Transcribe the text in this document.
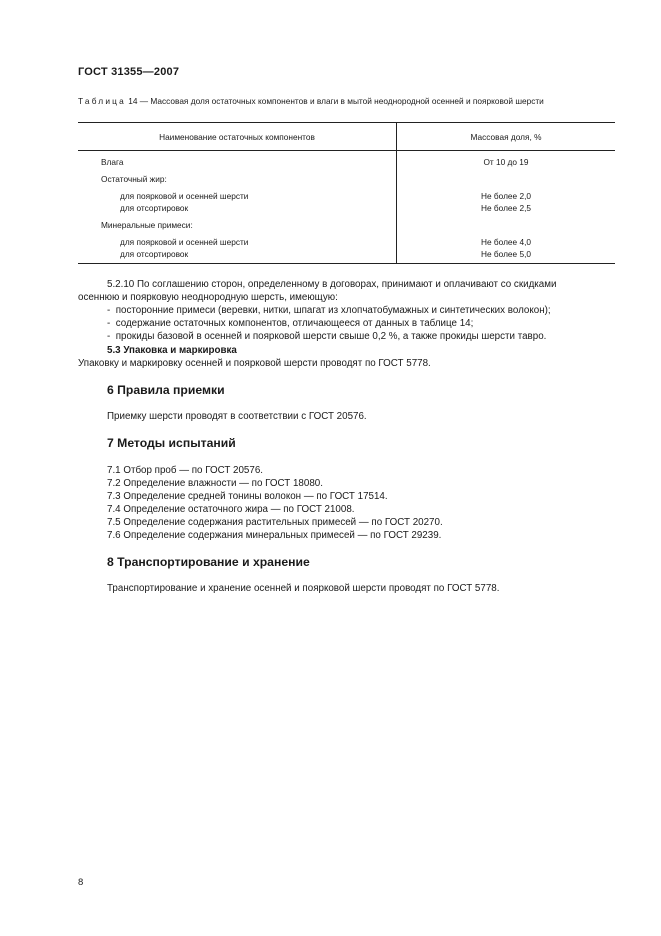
ГОСТ 31355—2007
Таблица 14 — Массовая доля остаточных компонентов и влаги в мытой неоднородной осенней и поярковой шерсти
Наименование остаточных компонентов	Массовая доля, %

Влага	От 10 до 19

Остаточный жир:	

для поярковой и осенней шерсти	Не более 2,0
для отсортировок	Не более 2,5

Минеральные примеси:	

для поярковой и осенней шерсти	Не более 4,0
для отсортировок	Не более 5,0
5.2.10 По соглашению сторон, определенному в договорах, принимают и оплачивают со скидками
осеннюю и поярковую неоднородную шерсть, имеющую:
- посторонние примеси (веревки, нитки, шпагат из хлопчатобумажных и синтетических волокон);
- содержание остаточных компонентов, отличающееся от данных в таблице 14;
- прокиды базовой в осенней и поярковой шерсти свыше 0,2 %, а также прокиды шерсти тавро.
5.3 Упаковка и маркировка
Упаковку и маркировку осенней и поярковой шерсти проводят по ГОСТ 5778.
6 Правила приемки
Приемку шерсти проводят в соответствии с ГОСТ 20576.
7 Методы испытаний
7.1 Отбор проб — по ГОСТ 20576.
7.2 Определение влажности — по ГОСТ 18080.
7.3 Определение средней тонины волокон — по ГОСТ 17514.
7.4 Определение остаточного жира — по ГОСТ 21008.
7.5 Определение содержания растительных примесей — по ГОСТ 20270.
7.6 Определение содержания минеральных примесей — по ГОСТ 29239.
8 Транспортирование и хранение
Транспортирование и хранение осенней и поярковой шерсти проводят по ГОСТ 5778.
8
